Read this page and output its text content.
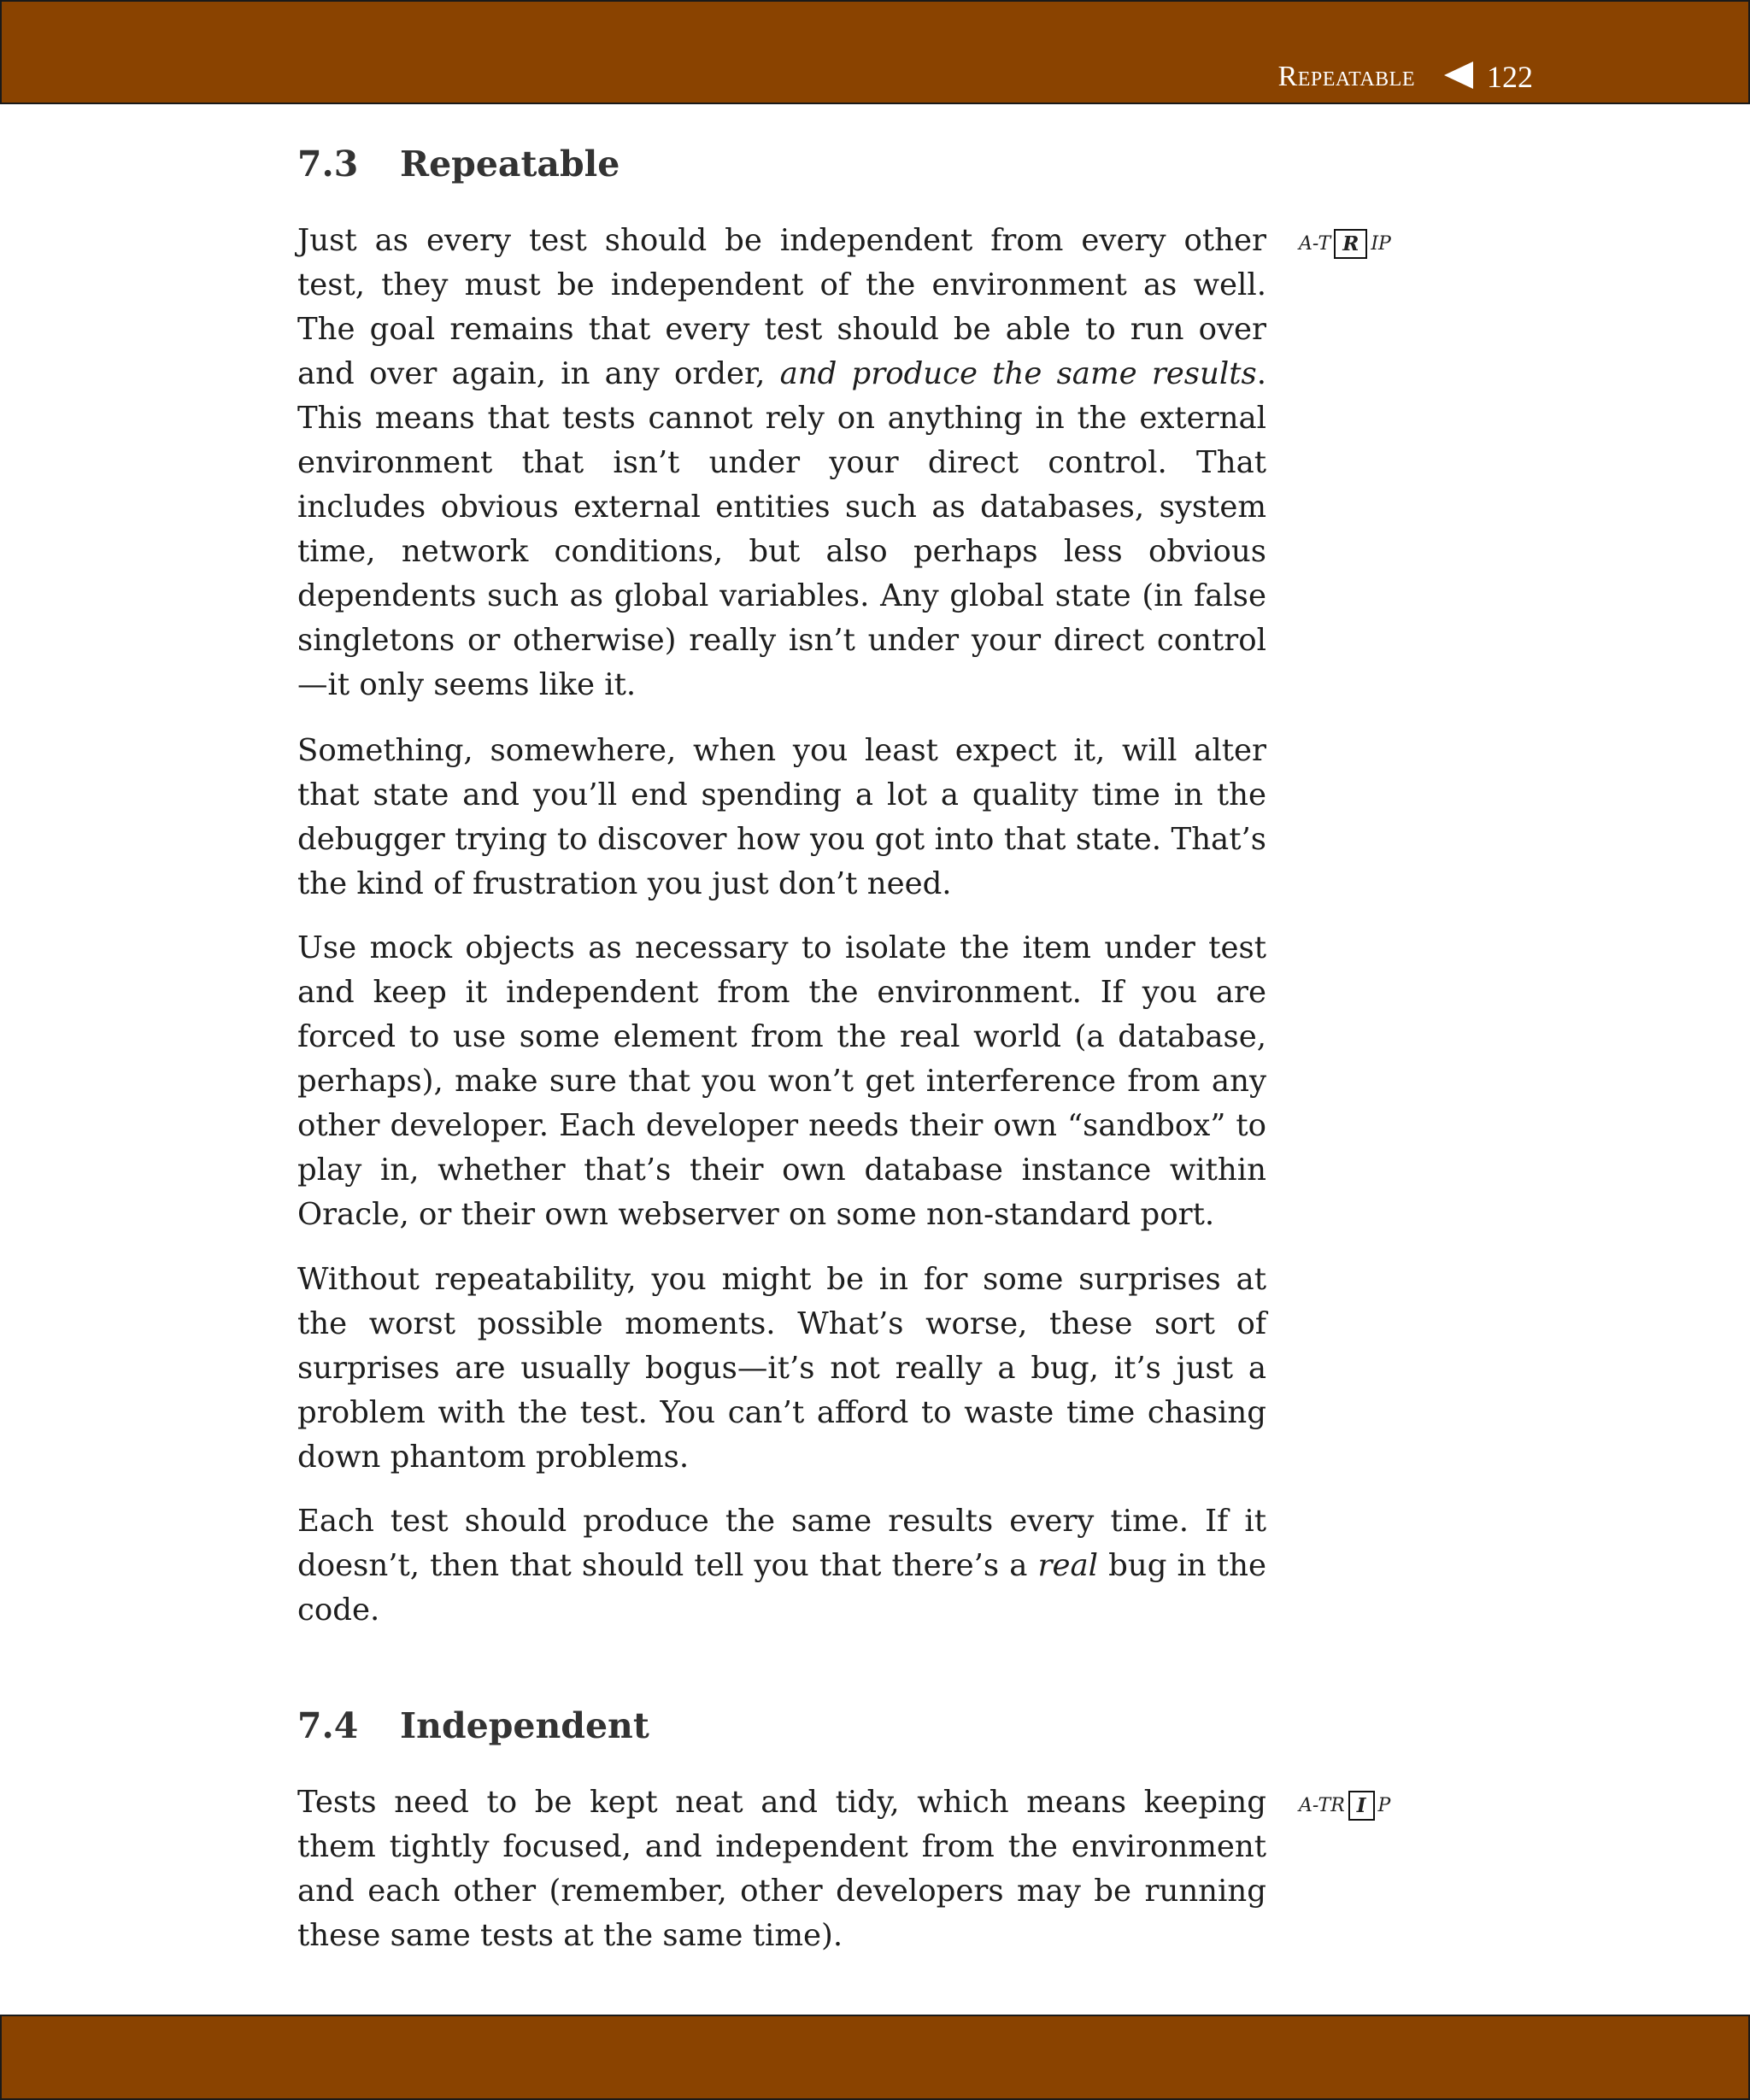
Repeatable 122
7.3 Repeatable
A-T R IP

Just as every test should be independent from every other test, they must be independent of the environment as well. The goal remains that every test should be able to run over and over again, in any order, and produce the same results. This means that tests cannot rely on anything in the external environment that isn’t under your direct control. That includes obvious external entities such as databases, system time, network conditions, but also perhaps less obvious dependents such as global variables. Any global state (in false singletons or otherwise) really isn’t under your direct control—it only seems like it.

Something, somewhere, when you least expect it, will alter that state and you’ll end spending a lot a quality time in the debugger trying to discover how you got into that state. That’s the kind of frustration you just don’t need.

Use mock objects as necessary to isolate the item under test and keep it independent from the environment. If you are forced to use some element from the real world (a database, perhaps), make sure that you won’t get interference from any other developer. Each developer needs their own “sandbox” to play in, whether that’s their own database instance within Oracle, or their own webserver on some non-standard port.

Without repeatability, you might be in for some surprises at the worst possible moments. What’s worse, these sort of surprises are usually bogus—it’s not really a bug, it’s just a problem with the test. You can’t afford to waste time chasing down phantom problems.

Each test should produce the same results every time. If it doesn’t, then that should tell you that there’s a real bug in the code.

7.4 Independent
A-TR I P

Tests need to be kept neat and tidy, which means keeping them tightly focused, and independent from the environment and each other (remember, other developers may be running these same tests at the same time).
